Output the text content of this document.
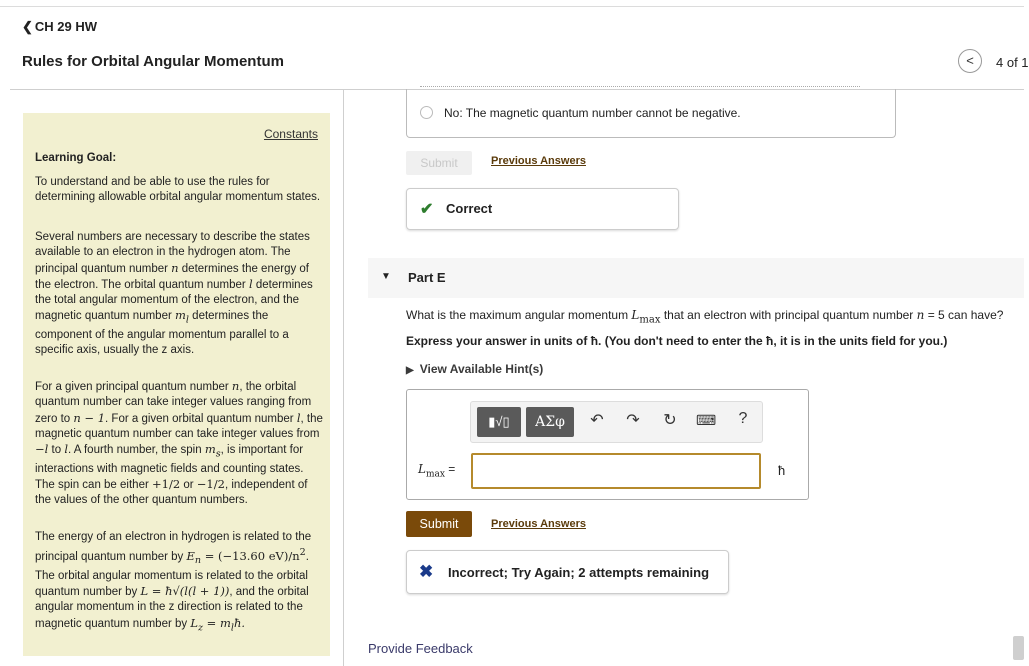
❮ CH 29 HW
Rules for Orbital Angular Momentum	<	4 of 1
Constants
Learning Goal:
To understand and be able to use the rules for determining allowable orbital angular momentum states.
Several numbers are necessary to describe the states available to an electron in the hydrogen atom. The principal quantum number n determines the energy of the electron. The orbital quantum number l determines the total angular momentum of the electron, and the magnetic quantum number $m_l$ determines the component of the angular momentum parallel to a specific axis, usually the z axis.
For a given principal quantum number n, the orbital quantum number can take integer values ranging from zero to n − 1. For a given orbital quantum number l, the magnetic quantum number can take integer values from −l to l. A fourth number, the spin $m_s$, is important for interactions with magnetic fields and counting states. The spin can be either +1/2 or −1/2, independent of the values of the other quantum numbers.
The energy of an electron in hydrogen is related to the principal quantum number by $E_n = (-13.60$ $eV)/n^2$. The orbital angular momentum is related to the orbital quantum number by L = ħ√(l(l + 1)), and the orbital angular momentum in the z direction is related to the magnetic quantum number by $L_z$ = $m_lħ$.
No: The magnetic quantum number cannot be negative.
Submit	Previous Answers
✔ Correct
▼ Part E
What is the maximum angular momentum $L_{max}$ that an electron with principal quantum number n = 5 can have?
Express your answer in units of ħ. (You don't need to enter the ħ, it is in the units field for you.)
▶ View Available Hint(s)
▮√▯	ΑΣφ	↶ ↷ ↻ ⌨	?
$L_{max}$ =	ħ
Submit	Previous Answers
✖ Incorrect; Try Again; 2 attempts remaining
Provide Feedback
